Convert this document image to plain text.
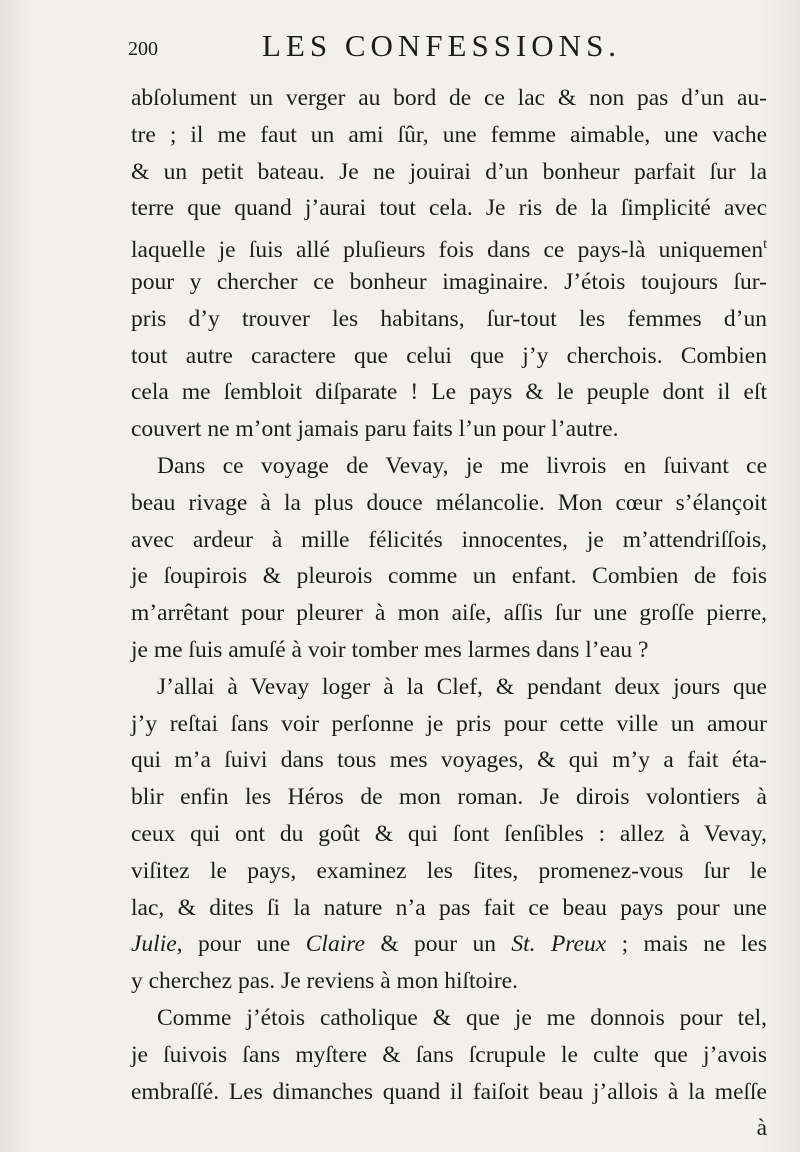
200	LES CONFESSIONS.
abſolument un verger au bord de ce lac & non pas d’un au-
tre ; il me faut un ami ſûr, une femme aimable, une vache
& un petit bateau. Je ne jouirai d’un bonheur parfait ſur la
terre que quand j’aurai tout cela. Je ris de la ſimplicité avec
laquelle je ſuis allé pluſieurs fois dans ce pays-là uniquemen$^t$
pour y chercher ce bonheur imaginaire. J’étois toujours ſur-
pris d’y trouver les habitans, ſur-tout les femmes d’un
tout autre caractere que celui que j’y cherchois. Combien
cela me ſembloit diſparate ! Le pays & le peuple dont il eſt
couvert ne m’ont jamais paru faits l’un pour l’autre.
Dans ce voyage de Vevay, je me livrois en ſuivant ce
beau rivage à la plus douce mélancolie. Mon cœur s’élançoit
avec ardeur à mille félicités innocentes, je m’attendriſſois,
je ſoupirois & pleurois comme un enfant. Combien de fois
m’arrêtant pour pleurer à mon aiſe, aſſis ſur une groſſe pierre,
je me ſuis amuſé à voir tomber mes larmes dans l’eau ?
J’allai à Vevay loger à la Clef, & pendant deux jours que
j’y reſtai ſans voir perſonne je pris pour cette ville un amour
qui m’a ſuivi dans tous mes voyages, & qui m’y a fait éta-
blir enfin les Héros de mon roman. Je dirois volontiers à
ceux qui ont du goût & qui ſont ſenſibles : allez à Vevay,
viſitez le pays, examinez les ſites, promenez-vous ſur le
lac, & dites ſi la nature n’a pas fait ce beau pays pour une
Julie, pour une Claire & pour un St. Preux ; mais ne les
y cherchez pas. Je reviens à mon hiſtoire.
Comme j’étois catholique & que je me donnois pour tel,
je ſuivois ſans myſtere & ſans ſcrupule le culte que j’avois
embraſſé. Les dimanches quand il faiſoit beau j’allois à la meſſe
à
